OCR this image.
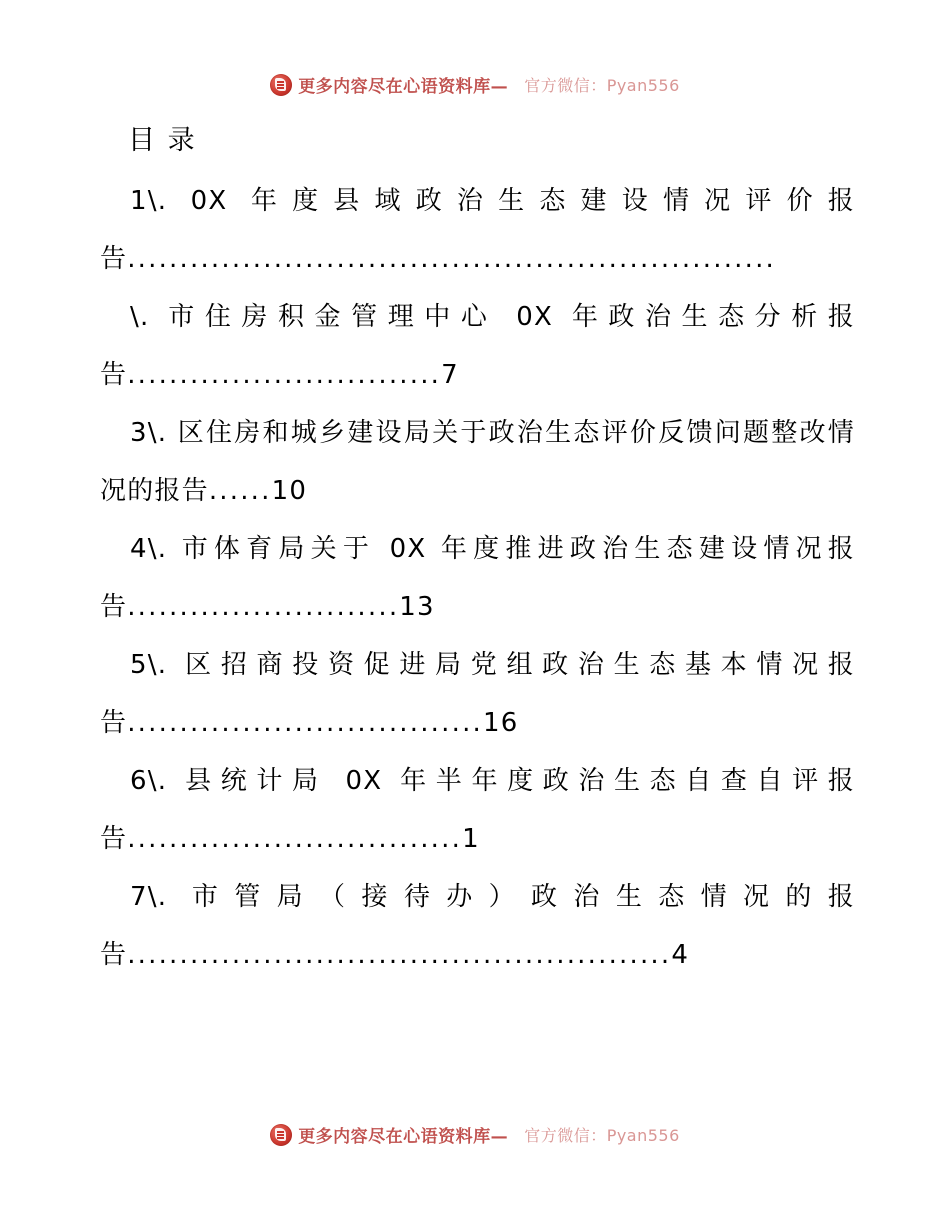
更多内容尽在心语资料库— 官方微信：Pyan556
目 录

1\. 0X 年度县域政治生态建设情况评价报告..............................................................

\. 市住房积金管理中心 0X 年政治生态分析报告..............................7

3\. 区住房和城乡建设局关于政治生态评价反馈问题整改情况的报告......10

4\. 市体育局关于 0X 年度推进政治生态建设情况报告..........................13

5\. 区招商投资促进局党组政治生态基本情况报告..................................16

6\. 县统计局 0X 年半年度政治生态自查自评报告................................1

7\. 市管局（接待办）政治生态情况的报告....................................................4

更多内容尽在心语资料库— 官方微信：Pyan556
